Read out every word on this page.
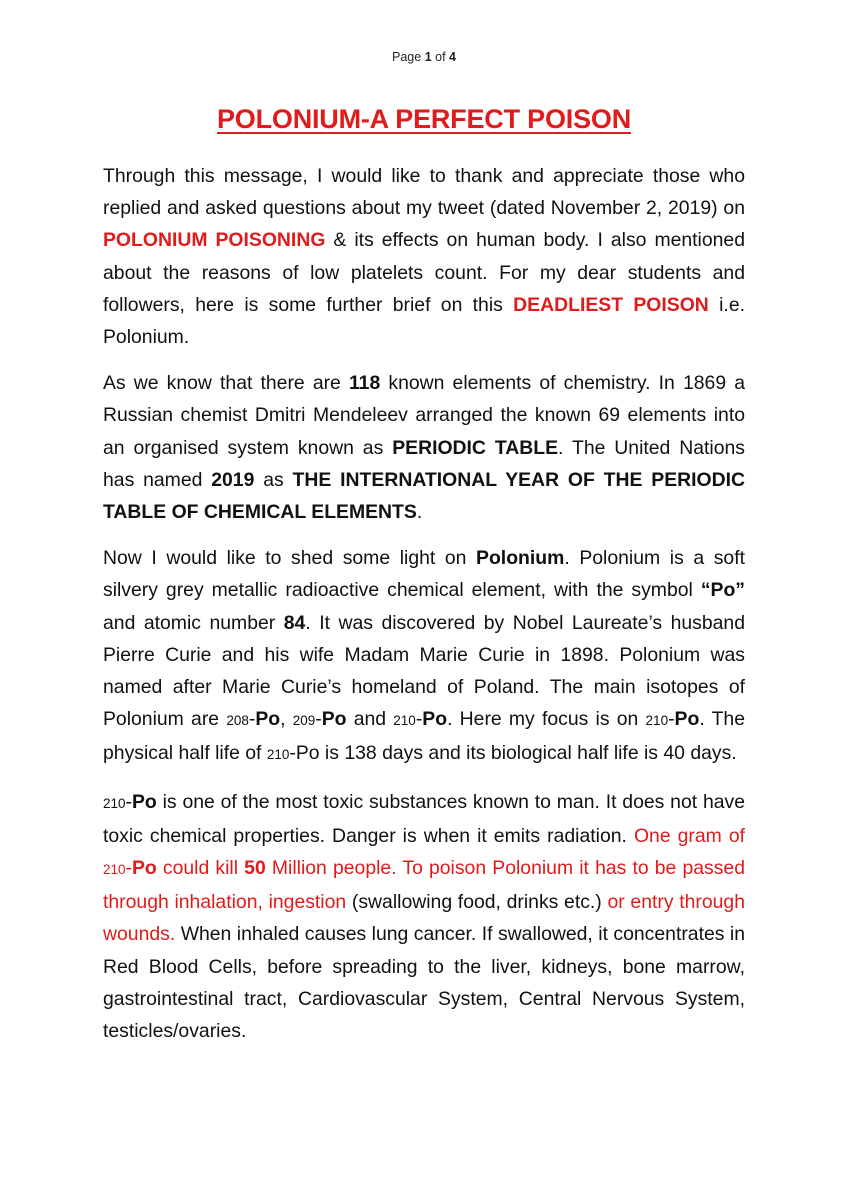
Page 1 of 4
POLONIUM-A PERFECT POISON

Through this message, I would like to thank and appreciate those who replied and asked questions about my tweet (dated November 2, 2019) on POLONIUM POISONING & its effects on human body. I also mentioned about the reasons of low platelets count. For my dear students and followers, here is some further brief on this DEADLIEST POISON i.e. Polonium.

As we know that there are 118 known elements of chemistry. In 1869 a Russian chemist Dmitri Mendeleev arranged the known 69 elements into an organised system known as PERIODIC TABLE. The United Nations has named 2019 as THE INTERNATIONAL YEAR OF THE PERIODIC TABLE OF CHEMICAL ELEMENTS.

Now I would like to shed some light on Polonium. Polonium is a soft silvery grey metallic radioactive chemical element, with the symbol “Po” and atomic number 84. It was discovered by Nobel Laureate’s husband Pierre Curie and his wife Madam Marie Curie in 1898. Polonium was named after Marie Curie’s homeland of Poland. The main isotopes of Polonium are 208-Po, 209-Po and 210-Po. Here my focus is on 210-Po. The physical half life of 210-Po is 138 days and its biological half life is 40 days.

210-Po is one of the most toxic substances known to man. It does not have toxic chemical properties. Danger is when it emits radiation. One gram of 210-Po could kill 50 Million people. To poison Polonium it has to be passed through inhalation, ingestion (swallowing food, drinks etc.) or entry through wounds. When inhaled causes lung cancer. If swallowed, it concentrates in Red Blood Cells, before spreading to the liver, kidneys, bone marrow, gastrointestinal tract, Cardiovascular System, Central Nervous System, testicles/ovaries.
